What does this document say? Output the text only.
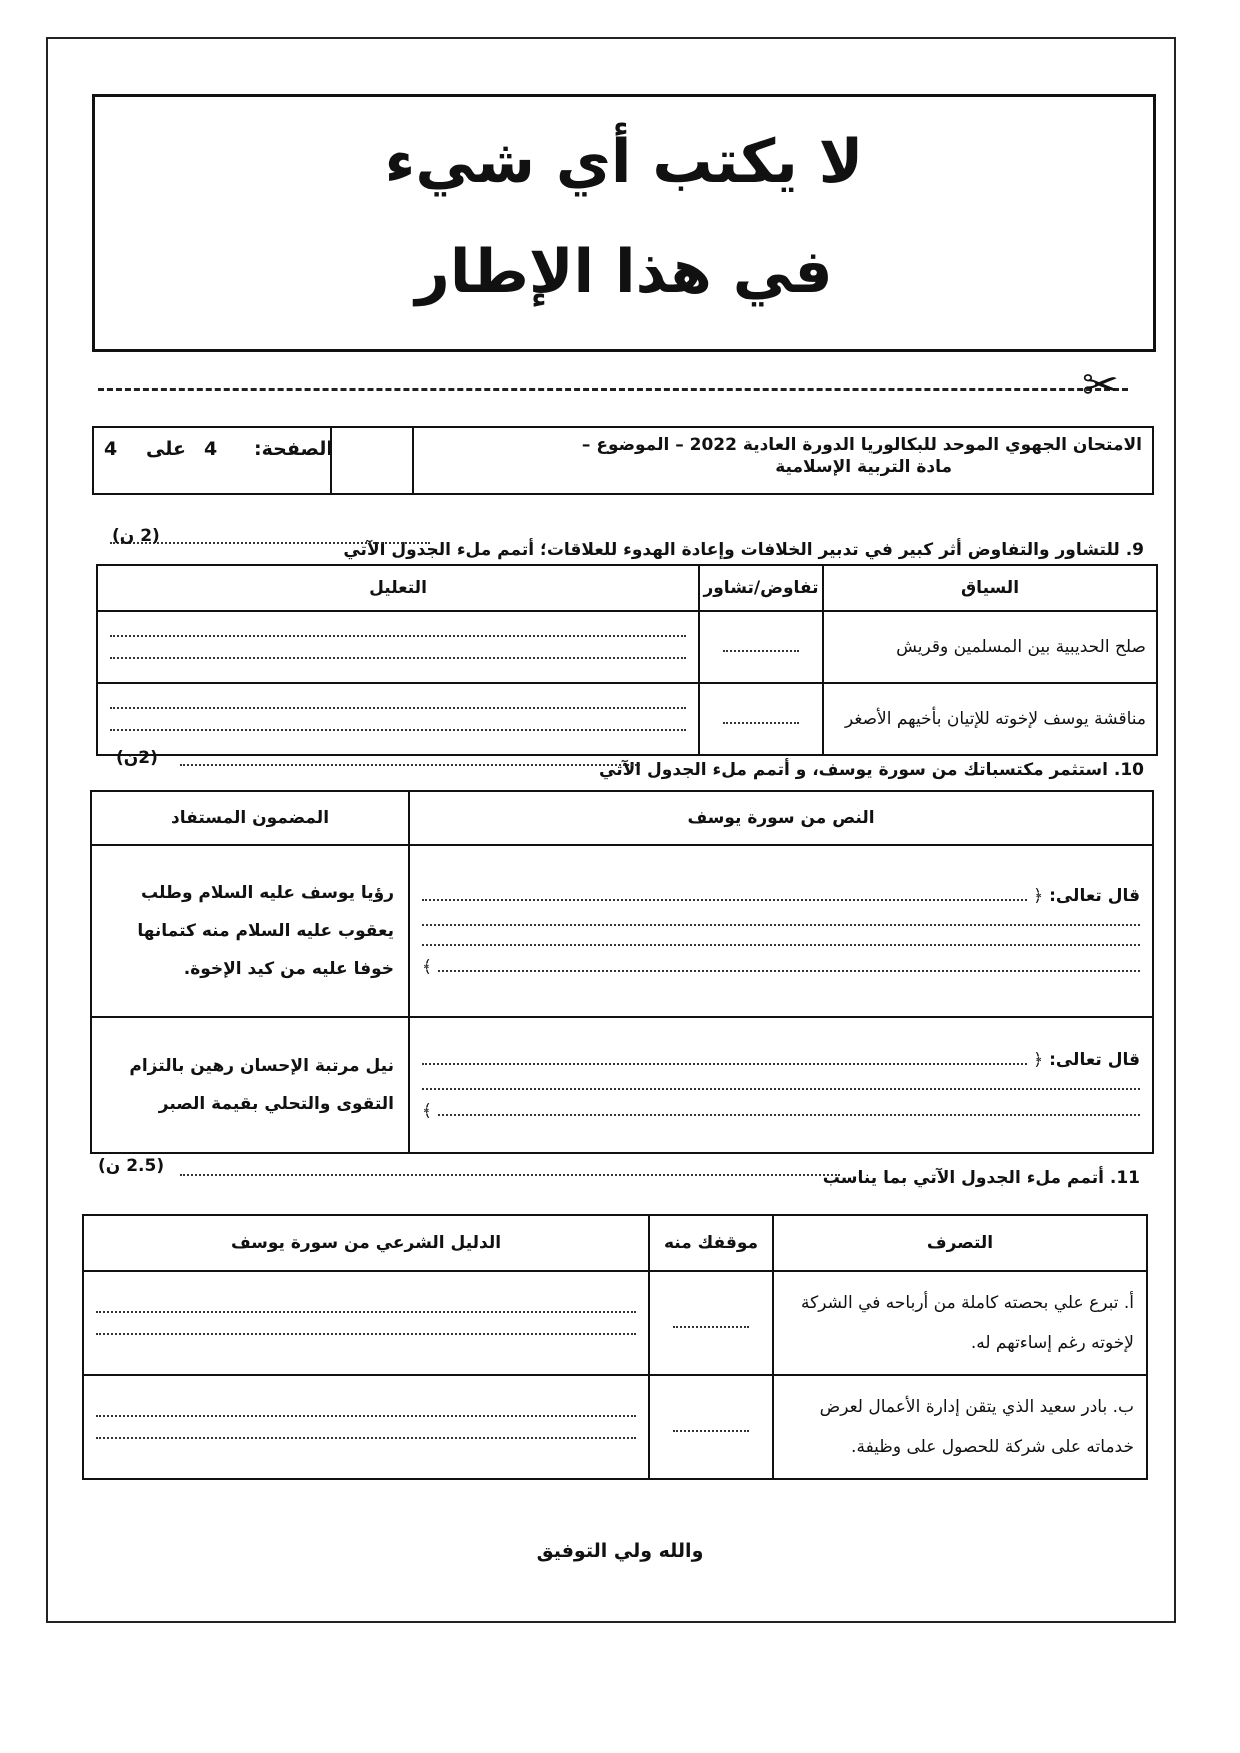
لا يكتب أي شيء
في هذا الإطار
✂
الامتحان الجهوي الموحد للبكالوريا الدورة العادية 2022 – الموضوع –
مادة التربية الإسلامية
الصفحة:
4
على
4
9. للتشاور والتفاوض أثر كبير في تدبير الخلافات وإعادة الهدوء للعلاقات؛ أتمم ملء الجدول الآتي
(2 ن)
السياق	تفاوض/تشاور	التعليل
صلح الحديبية بين المسلمين وقريش		

مناقشة يوسف لإخوته للإتيان بأخيهم الأصغر		
10. استثمر مكتسباتك من سورة يوسف، و أتمم ملء الجدول الآتي
(2ن)
النص من سورة يوسف	المضمون المستفاد

قال تعالى:
﴿
﴾	رؤيا يوسف عليه السلام وطلب يعقوب عليه السلام منه كتمانها خوفا عليه من كيد الإخوة.

قال تعالى:
﴿
﴾	نيل مرتبة الإحسان رهين بالتزام التقوى والتحلي بقيمة الصبر
11. أتمم ملء الجدول الآتي بما يناسب
(2.5 ن)
التصرف	موقفك منه	الدليل الشرعي من سورة يوسف
أ. تبرع علي بحصته كاملة من أرباحه في الشركة لإخوته رغم إساءتهم له.		

ب. بادر سعيد الذي يتقن إدارة الأعمال لعرض خدماته على شركة للحصول على وظيفة.		
والله ولي التوفيق
